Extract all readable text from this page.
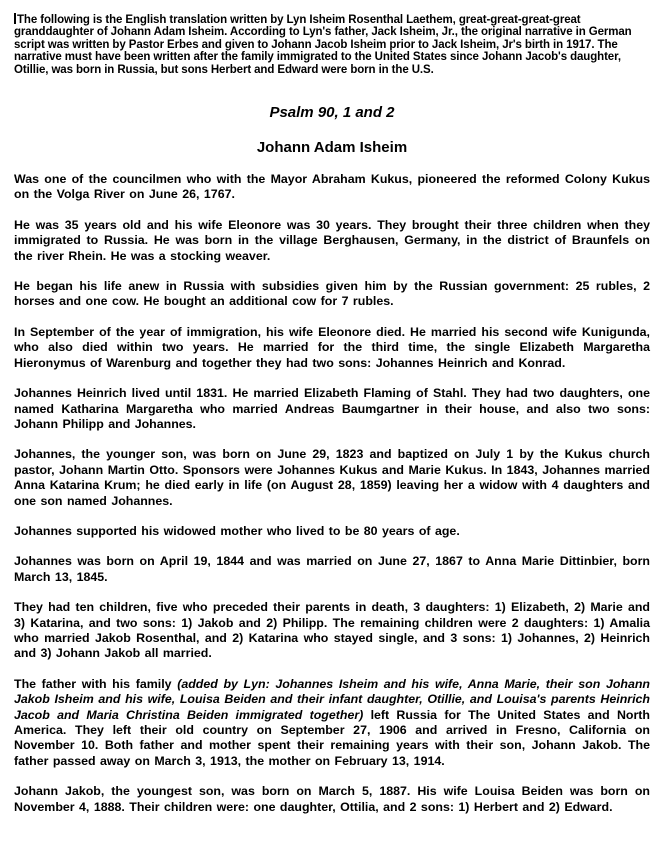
The following is the English translation written by Lyn Isheim Rosenthal Laethem, great-great-great-great granddaughter of Johann Adam Isheim. According to Lyn's father, Jack Isheim, Jr., the original narrative in German script was written by Pastor Erbes and given to Johann Jacob Isheim prior to Jack Isheim, Jr's birth in 1917. The narrative must have been written after the family immigrated to the United States since Johann Jacob's daughter, Otillie, was born in Russia, but sons Herbert and Edward were born in the U.S.

Psalm 90, 1 and 2
Johann Adam Isheim

Was one of the councilmen who with the Mayor Abraham Kukus, pioneered the reformed Colony Kukus on the Volga River on June 26, 1767.

He was 35 years old and his wife Eleonore was 30 years. They brought their three children when they immigrated to Russia. He was born in the village Berghausen, Germany, in the district of Braunfels on the river Rhein. He was a stocking weaver.

He began his life anew in Russia with subsidies given him by the Russian government: 25 rubles, 2 horses and one cow. He bought an additional cow for 7 rubles.

In September of the year of immigration, his wife Eleonore died. He married his second wife Kunigunda, who also died within two years. He married for the third time, the single Elizabeth Margaretha Hieronymus of Warenburg and together they had two sons: Johannes Heinrich and Konrad.

Johannes Heinrich lived until 1831. He married Elizabeth Flaming of Stahl. They had two daughters, one named Katharina Margaretha who married Andreas Baumgartner in their house, and also two sons: Johann Philipp and Johannes.

Johannes, the younger son, was born on June 29, 1823 and baptized on July 1 by the Kukus church pastor, Johann Martin Otto. Sponsors were Johannes Kukus and Marie Kukus. In 1843, Johannes married Anna Katarina Krum; he died early in life (on August 28, 1859) leaving her a widow with 4 daughters and one son named Johannes.

Johannes supported his widowed mother who lived to be 80 years of age.

Johannes was born on April 19, 1844 and was married on June 27, 1867 to Anna Marie Dittinbier, born March 13, 1845.

They had ten children, five who preceded their parents in death, 3 daughters: 1) Elizabeth, 2) Marie and 3) Katarina, and two sons: 1) Jakob and 2) Philipp. The remaining children were 2 daughters: 1) Amalia who married Jakob Rosenthal, and 2) Katarina who stayed single, and 3 sons: 1) Johannes, 2) Heinrich and 3) Johann Jakob all married.

The father with his family (added by Lyn: Johannes Isheim and his wife, Anna Marie, their son Johann Jakob Isheim and his wife, Louisa Beiden and their infant daughter, Otillie, and Louisa's parents Heinrich Jacob and Maria Christina Beiden immigrated together) left Russia for The United States and North America. They left their old country on September 27, 1906 and arrived in Fresno, California on November 10. Both father and mother spent their remaining years with their son, Johann Jakob. The father passed away on March 3, 1913, the mother on February 13, 1914.

Johann Jakob, the youngest son, was born on March 5, 1887. His wife Louisa Beiden was born on November 4, 1888. Their children were: one daughter, Ottilia, and 2 sons: 1) Herbert and 2) Edward.
